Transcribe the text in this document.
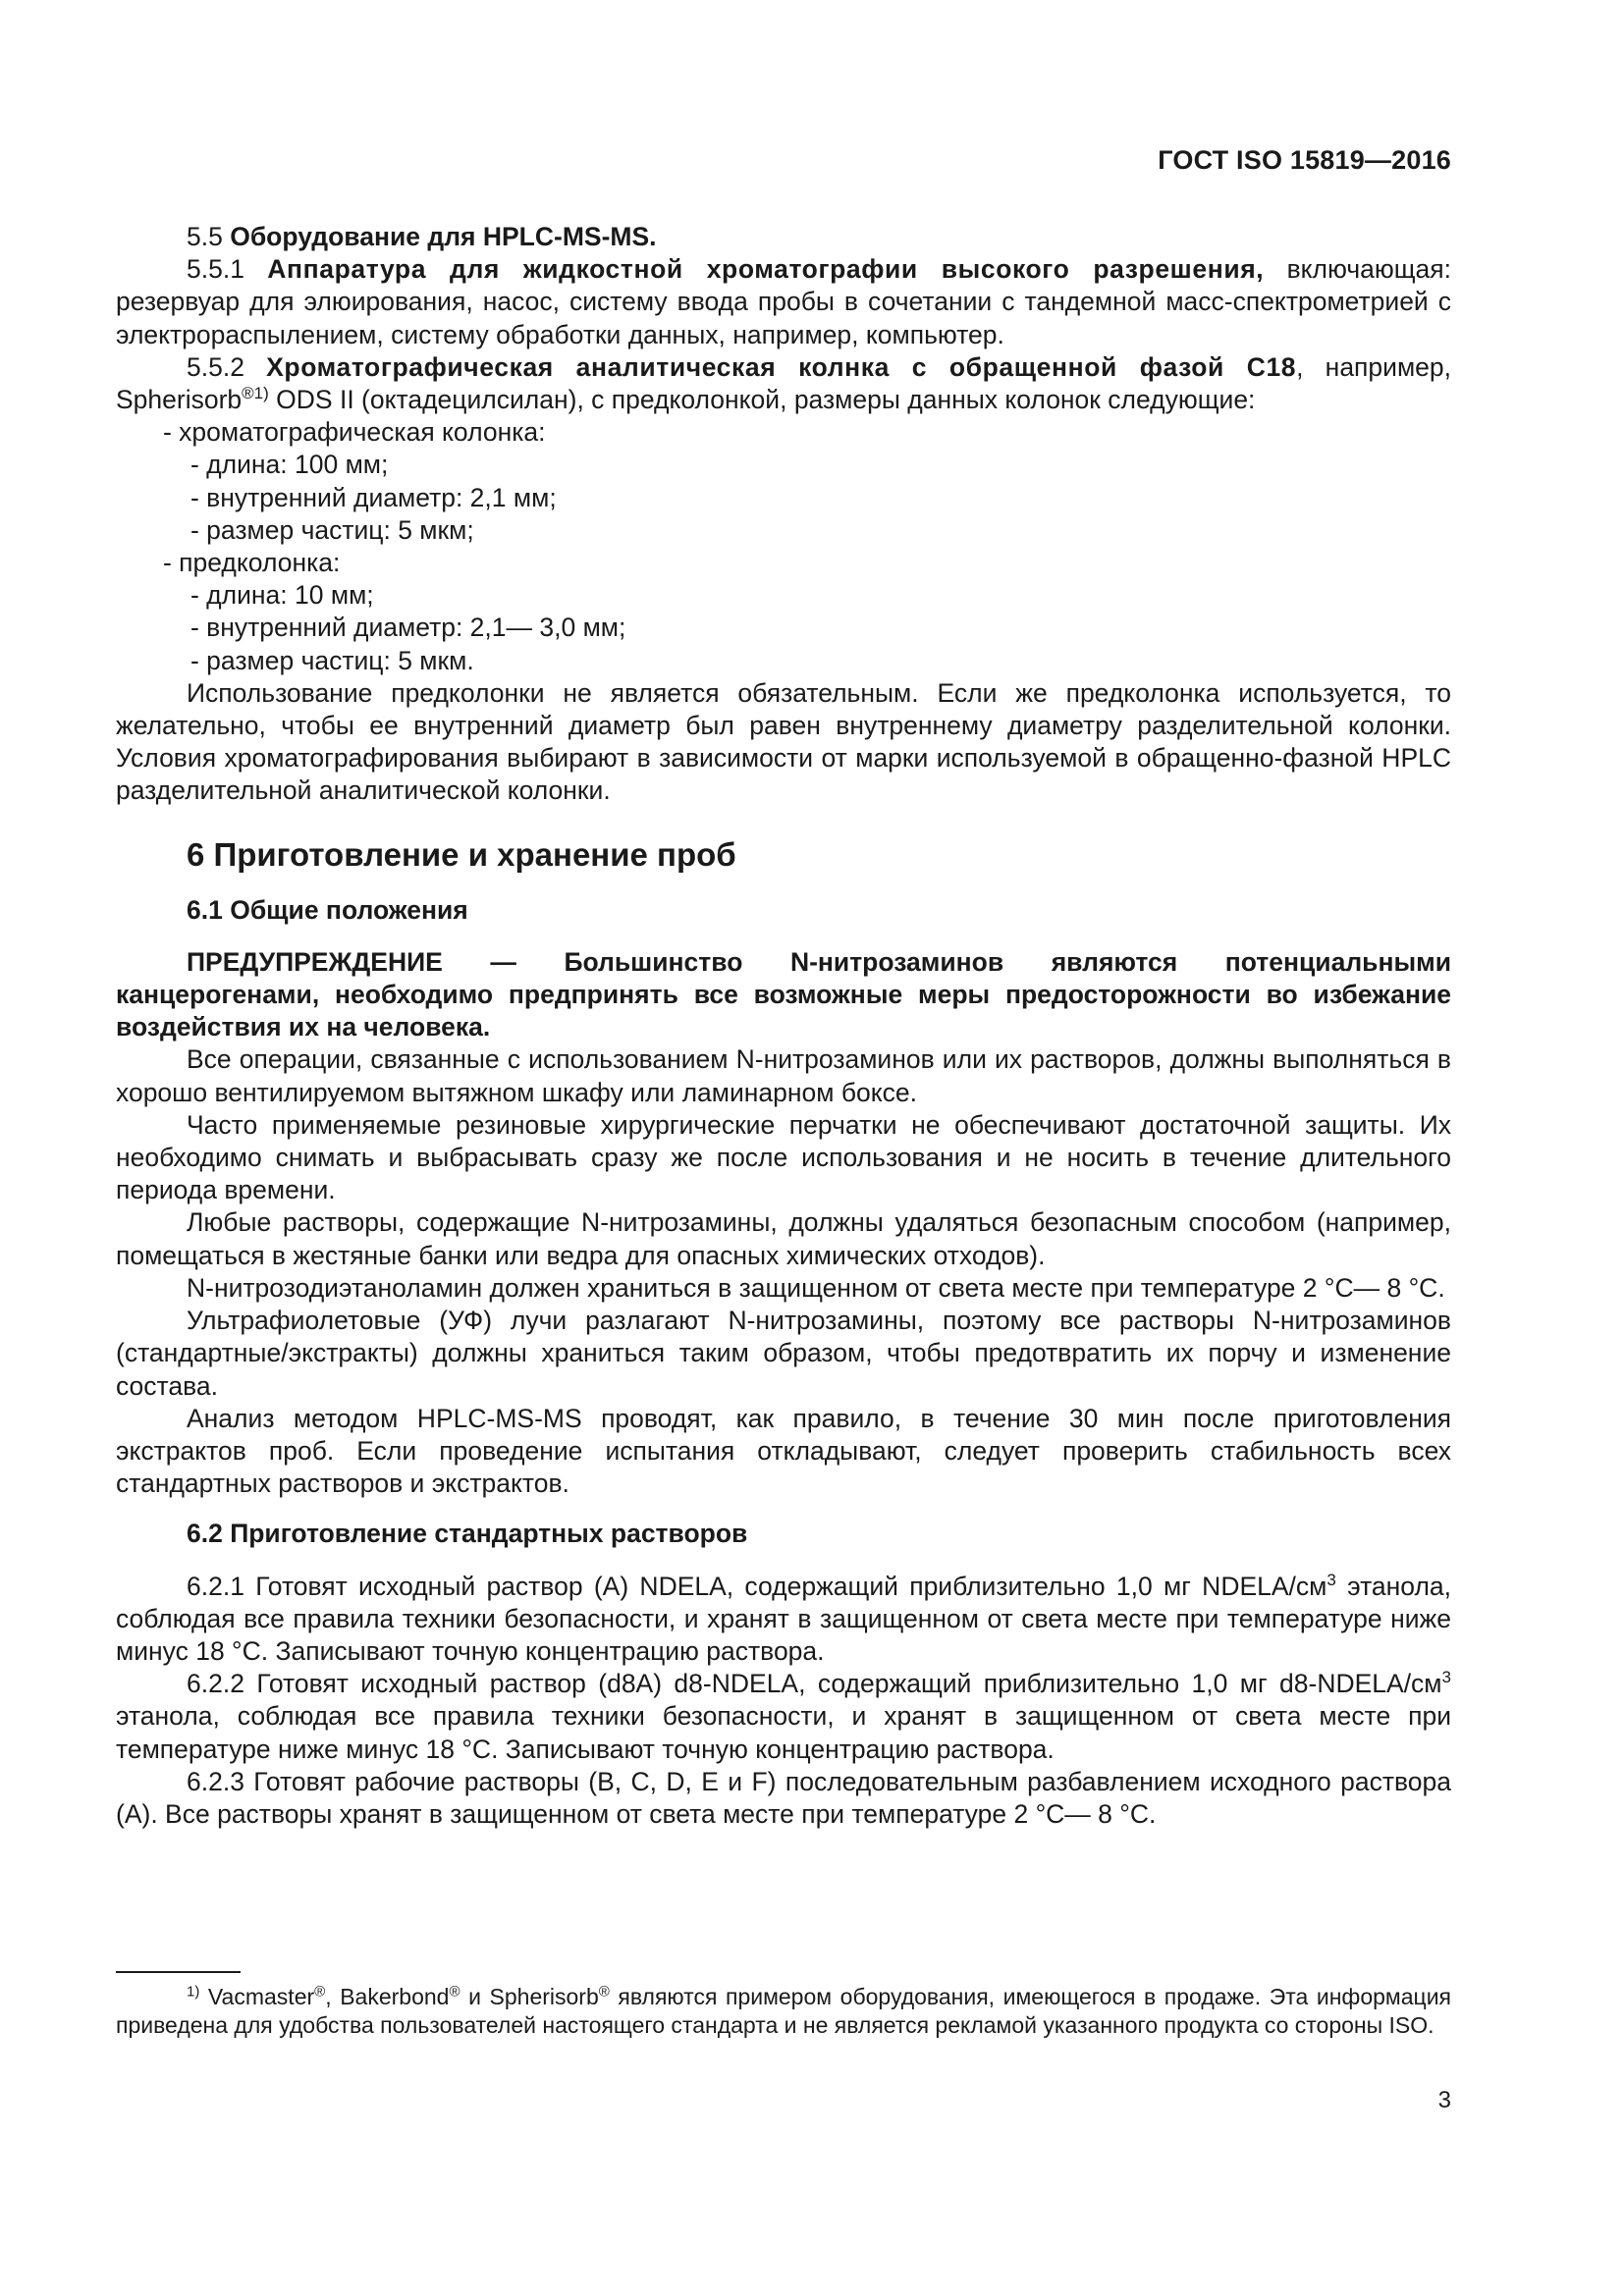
ГОСТ ISO 15819—2016

5.5 Оборудование для HPLC-MS-MS.

5.5.1 Аппаратура для жидкостной хроматографии высокого разрешения, включающая: резервуар для элюирования, насос, систему ввода пробы в сочетании с тандемной масс-спектрометрией с электрораспылением, систему обработки данных, например, компьютер.

5.5.2 Хроматографическая аналитическая колнка с обращенной фазой С18, например, Spherisorb$^{®1)}$ ODS II (октадецилсилан), с предколонкой, размеры данных колонок следующие:

- хроматографическая колонка:

- длина: 100 мм;

- внутренний диаметр: 2,1 мм;

- размер частиц: 5 мкм;

- предколонка:

- длина: 10 мм;

- внутренний диаметр: 2,1— 3,0 мм;

- размер частиц: 5 мкм.

Использование предколонки не является обязательным. Если же предколонка используется, то желательно, чтобы ее внутренний диаметр был равен внутреннему диаметру разделительной колонки. Условия хроматографирования выбирают в зависимости от марки используемой в обращенно-фазной HPLC разделительной аналитической колонки.

6 Приготовление и хранение проб
6.1 Общие положения

ПРЕДУПРЕЖДЕНИЕ — Большинство N-нитрозаминов являются потенциальными канцерогенами, необходимо предпринять все возможные меры предосторожности во избежание воздействия их на человека.

Все операции, связанные с использованием N-нитрозаминов или их растворов, должны выполняться в хорошо вентилируемом вытяжном шкафу или ламинарном боксе.

Часто применяемые резиновые хирургические перчатки не обеспечивают достаточной защиты. Их необходимо снимать и выбрасывать сразу же после использования и не носить в течение длительного периода времени.

Любые растворы, содержащие N-нитрозамины, должны удаляться безопасным способом (например, помещаться в жестяные банки или ведра для опасных химических отходов).

N-нитрозодиэтаноламин должен храниться в защищенном от света месте при температуре 2 °С— 8 °С.

Ультрафиолетовые (УФ) лучи разлагают N-нитрозамины, поэтому все растворы N-нитрозаминов (стандартные/экстракты) должны храниться таким образом, чтобы предотвратить их порчу и изменение состава.

Анализ методом HPLC-MS-MS проводят, как правило, в течение 30 мин после приготовления экстрактов проб. Если проведение испытания откладывают, следует проверить стабильность всех стандартных растворов и экстрактов.

6.2 Приготовление стандартных растворов

6.2.1 Готовят исходный раствор (А) NDELA, содержащий приблизительно 1,0 мг NDELA/$см^3$ этанола, соблюдая все правила техники безопасности, и хранят в защищенном от света месте при температуре ниже минус 18 °С. Записывают точную концентрацию раствора.

6.2.2 Готовят исходный раствор (d8A) d8-NDELA, содержащий приблизительно 1,0 мг $d8-NDELA/см^3$ этанола, соблюдая все правила техники безопасности, и хранят в защищенном от света месте при температуре ниже минус 18 °С. Записывают точную концентрацию раствора.

6.2.3 Готовят рабочие растворы (В, С, D, Е и F) последовательным разбавлением исходного раствора (А). Все растворы хранят в защищенном от света месте при температуре 2 °С— 8 °С.

$^{1)}$ Vacmaster®, Bakerbond® и Spherisorb® являются примером оборудования, имеющегося в продаже. Эта информация приведена для удобства пользователей настоящего стандарта и не является рекламой указанного продукта со стороны ISO.

3
